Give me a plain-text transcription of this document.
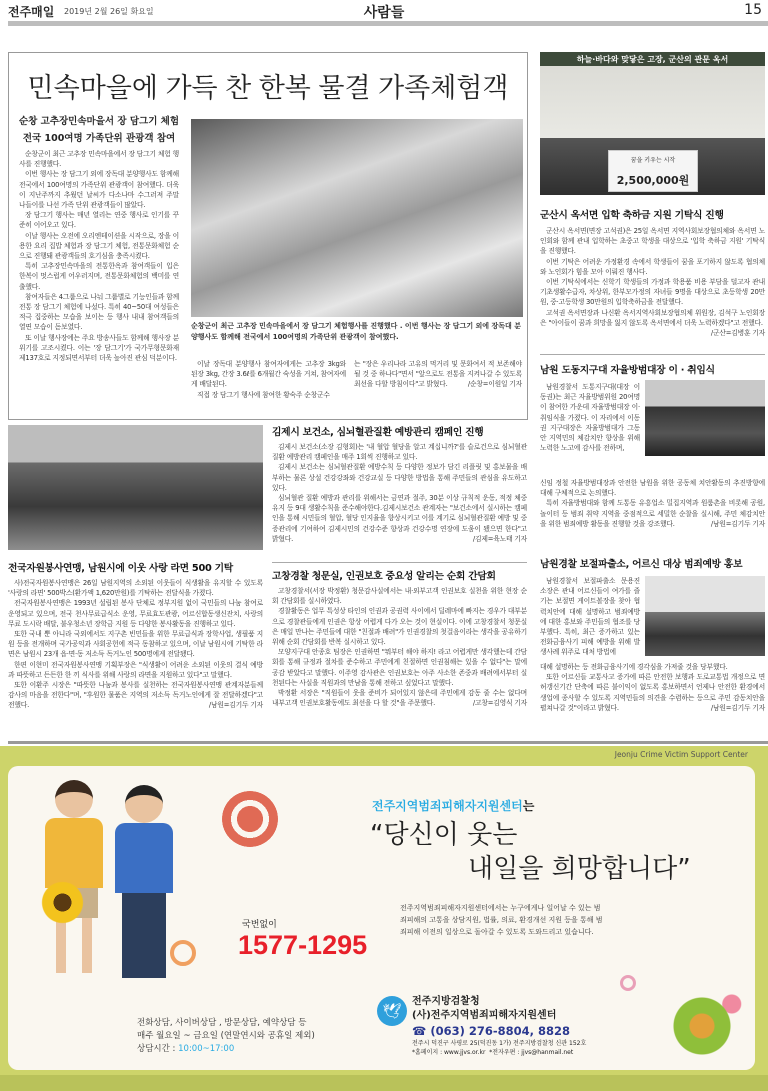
전주매일 2019년 2월 26일 화요일	사람들	15
민속마을에 가득 찬 한복 물결 가족체험객
순창 고추장민속마을서 장 담그기 체험
전국 100여명 가족단위 관광객 참여

순창군이 최근 고추장 민속마을에서 장 담그기 체험 행사를 진행했다.

이번 행사는 장 담그기 외에 장독대 분양행사도 함께해 전국에서 100여명의 가족단위 관광객이 참여했다. 더욱이 지난주까지 추웠던 날씨가 다소나마 수그러져 주말 나들이를 나선 가족 단위 관광객들이 많았다.

장 담그기 행사는 매년 열리는 연중 행사로 인기를 꾸준히 이어오고 있다.

이날 행사는 오전에 오리엔테이션을 시작으로, 장을 이용한 요리 집밥 체험과 장 담그기 체험, 전통문화체험 순으로 진행돼 관광객들의 호기심을 충족시켰다.

특히 고추장민속마을의 전통한옥과 참여객들이 입은 한복이 멋스럽게 어우러지며, 전통문화체험의 백미를 연출했다.

참여자들은 4그룹으로 나눠 그룹별로 기능인들과 함께 전통 장 담그기 체험에 나섰다. 특히 40~50대 여성들은 적극 집중하는 모습을 보이는 등 행사 내내 참여객들의 열띤 모습이 돋보였다.

또 이날 행사장에는 주요 방송사들도 함께해 행사장 분위기를 고조시켰다. 이는 '장 담그기'가 국가무형문화재 제137호로 지정되면서부터 더욱 높아진 관심 덕분이다.

순창군이 최근 고추장 민속마을에서 장 담그기 체험행사를 진행했다 . 이번 행사는 장 담그기 외에 장독대 분양행사도 함께해 전국에서 100여명의 가족단위 관광객이 참여했다.

이날 장독대 분양행사 참여자에게는 고추장 3kg와 된장 3kg, 간장 3.6ℓ를 6개월간 숙성을 거쳐, 참여자에게 배달된다.

직접 장 담그기 행사에 참여한 황숙주 순창군수

는 "장은 우리나라 고유의 먹거리 및 문화여서 적 보존해야 될 것 중 하나다"면서 "앞으로도 전통을 지켜나갈 수 있도록 최선을 다할 방침이다"고 밝혔다.	/순창=이원일 기자

하늘·바다와 맞닿은 고장, 군산의 관문 옥서
꿈을 키우는 시작
2,500,000원
군산시 옥서면 입학 축하금 지원 기탁식 진행

군산시 옥서면(면장 고석권)은 25일 옥서면 지역사회보장협의체와 옥서면 노인회와 함께 관내 입학하는 초중고 학생을 대상으로 '입학 축하금 지원' 기탁식을 진행했다.

이번 기탁은 어려운 가정환경 속에서 학생들이 꿈을 포기하지 않도록 협의체와 노인회가 힘을 모아 이뤄진 행사다.

이번 기탁식에서는 신학기 학생들의 가정과 학용품 비용 부담을 덜고자 관내 기초생활수급자, 차상위, 한부모가정의 자녀들 9명을 대상으로 초등학생 20만원, 중·고등학생 30만원의 입학축하금을 전달했다.

고석권 옥서면장과 나신환 옥서지역사회보장협의체 위원장, 김석구 노인회장은 "아이들이 꿈과 희망을 잃지 않도록 옥서면에서 더욱 노력하겠다"고 전했다.
/군산=김병훈 기자

남원 도동지구대 자율방범대장 이 · 취임식

남원경찰서 도통지구대(대장 이동권)는 최근 자율방범위원 20여명이 참여한 가운데 자율방범대장 이·취임식을 가졌다. 이 자리에서 이동권 지구대장은 자율방범대가 그동안 지역민의 체감치안 향상을 위해 노력한 노고에 감사를 전하며,

신임 정철 자율방범대장과 안전한 남원을 위한 공동체 치안활동의 추진방향에 대해 구체적으로 논의했다.

특히 자율방범대와 함께 도통동 유흥업소 밀집지역과 원룸촌을 비롯해 공원, 놀이터 등 범죄 취약 지역을 중점적으로 세밀한 순찰을 실시해, 주민 체감치안을 위한 범죄예방 활동을 진행할 것을 강조했다.	/남원=김기두 기자

전국자원봉사연맹, 남원시에 이웃 사랑 라면 500 기탁

사)전국자원봉사연맹은 26일 남원지역의 소외된 이웃들이 식생활을 유지할 수 있도록 '사랑의 라면' 500박스(환가액 1,620만원)를 기탁하는 전달식을 가졌다.

전국자원봉사연맹은 1993년 설립된 봉사 단체로 정부지원 없이 국민들의 나눔 참여로 운영되고 있으며, 전국 천사무료급식소 운영, 무료효도관광, 어르신합동생신잔치, 사랑의 무료 도시락 배달, 불우청소년 장학금 지원 등 다양한 봉사활동을 진행하고 있다.

또한 국내 뿐 아니라 국외에서도 지구촌 빈민들을 위한 무료급식과 장학사업, 생필품 지원 등을 전개하며 국가공익과 사회공헌에 적극 동참하고 있으며, 이날 남원시에 기탁한 라면은 남원시 23개 읍·면·동 저소득 독거노인 500명에게 전달됐다.

한편 이현미 전국자원봉사연맹 기획부장은 "식생활이 어려운 소외된 이웃의 결식 예방과 따뜻하고 든든한 한 끼 식사를 위해 사랑의 라면을 지원하고 있다"고 말했다.

또한 이환주 시장은 "따뜻한 나눔과 봉사를 실천하는 전국자원봉사연맹 관계자분들께 감사의 마음을 전한다"며, "후원한 물품은 지역의 저소득 독거노인에게 잘 전달하겠다"고 전했다.	/남원=김기두 기자

김제시 보건소, 심뇌혈관질환 예방관리 캠페인 진행

김제시 보건소(소장 김형회)는 '내 혈압 혈당을 알고 계십니까?'를 슬로건으로 심뇌혈관질환 예방관리 캠페인을 매주 1회씩 진행하고 있다.

김제시 보건소는 심뇌혈관질환 예방수칙 등 다양한 정보가 담긴 리플릿 및 홍보물을 배부하는 물론 상설 건강강좌와 건강교실 등 다양한 방법을 통해 주민들의 관심을 유도하고 있다.

심뇌혈관 질환 예방과 관리를 위해서는 금연과 절주, 30분 이상 규칙적 운동, 적정 체중 유지 등 9대 생활수칙을 준수해야한다.김제시보건소 관계자는 "보건소에서 실시하는 캠페인을 통해 시민들의 혈압, 혈당 인지율을 향상시키고 이를 계기로 심뇌혈관질환 예방 및 중증관리에 기여하여 김제시민의 건강수준 향상과 건강수명 연장에 도움이 됐으면 한다"고 밝혔다.	/김제=육노태 기자

고창경찰 청문실, 인권보호 중요성 알리는 순회 간담회

고창경찰서(서장 박정환) 청문감사실에서는 내·외부고객 인권보호 실천을 위한 현장 순회 간담회를 실시하였다.

경찰활동은 업무 특성상 타인의 인권과 공권력 사이에서 딜레마에 빠지는 경우가 대부분으로 경찰관들에게 인권은 항상 어렵게 다가 오는 것이 현실이다. 이에 고창경찰서 청문실은 매일 만나는 주민들에 대한 "친절과 배려"가 인권경찰의 첫걸음이라는 생각을 공유하기 위해 순회 간담회를 반복 실시하고 있다.

모양지구대 안종호 팀장은 인권하면 "뭐부터 해야 하지! 라고 어렵게만 생각했는데 간담회를 통해 규정과 절차를 준수하고 주민에게 친절하면 인권침해는 있을 수 없다"는 말에 공감 받았다고 말했다. 이주영 감사관은 인권보호는 아주 사소한 존중과 배려에서부터 실천된다는 사실을 직원과의 만남을 통해 전하고 싶었다고 말했다.

박정환 서장은 "직원들이 웃을 준비가 되어있지 않은데 주민에게 감동 줄 수는 없다며 내부고객 인권보호활동에도 최선을 다 할 것"을 주문했다.	/고창=김영식 기자

남원경찰 보절파출소, 어르신 대상 범죄예방 홍보

남원경찰서 보절파출소 문용진 소장은 관내 어르신들이 여가를 즐기는 보절면 게이트볼장을 찾아 협력치안에 대해 설명하고 범죄예방에 대한 홍보와 주민들의 협조를 당부했다. 특히, 최근 증가하고 있는 전화금융사기 피해 예방을 위해 발생사례 위주로 대처 방법에

대해 설명하는 등 전화금융사기에 경각심을 가져줄 것을 당부했다.

또한 어르신들 교통사고 증가에 따른 안전한 보행과 도로교통법 개정으로 면허갱신기간 단축에 따른 불이익이 없도록 홍보하면서 언제나 안전한 환경에서 생업에 종사할 수 있도록 지역민들의 의견을 수렴하는 등으로 주민 감동치안을 펼쳐나갈 것"이라고 밝혔다.	/남원=김기두 기자

Jeonju Crime Victim Support Center
전주지역범죄피해자지원센터는
“당신이 웃는
내일을 희망합니다”
전주지역범죄피해자지원센터에서는 누구에게나 일어날 수 있는 범죄피해의 고통을 상담지원, 법률, 의료, 환경개선 지원 등을 통해 범죄피해 이전의 일상으로 돌아갈 수 있도록 도와드리고 있습니다.
국번없이
1577-1295
전화상담, 사이버상담 , 방문상담, 예약상담 등
매주 월요일 ~ 금요일 (연말연시와 공휴일 제외)
상담시간 : 10:00~17:00
🕊
전주지방검찰청
(사)전주지역범죄피해자지원센터
☎ (063) 276-8804, 8828
전주시 덕진구 사평로 25(덕진동 1가) 전주지방검찰청 신관 152호
*홈페이지 : www.jjvs.or.kr *전자우편 : jjvs@hanmail.net
